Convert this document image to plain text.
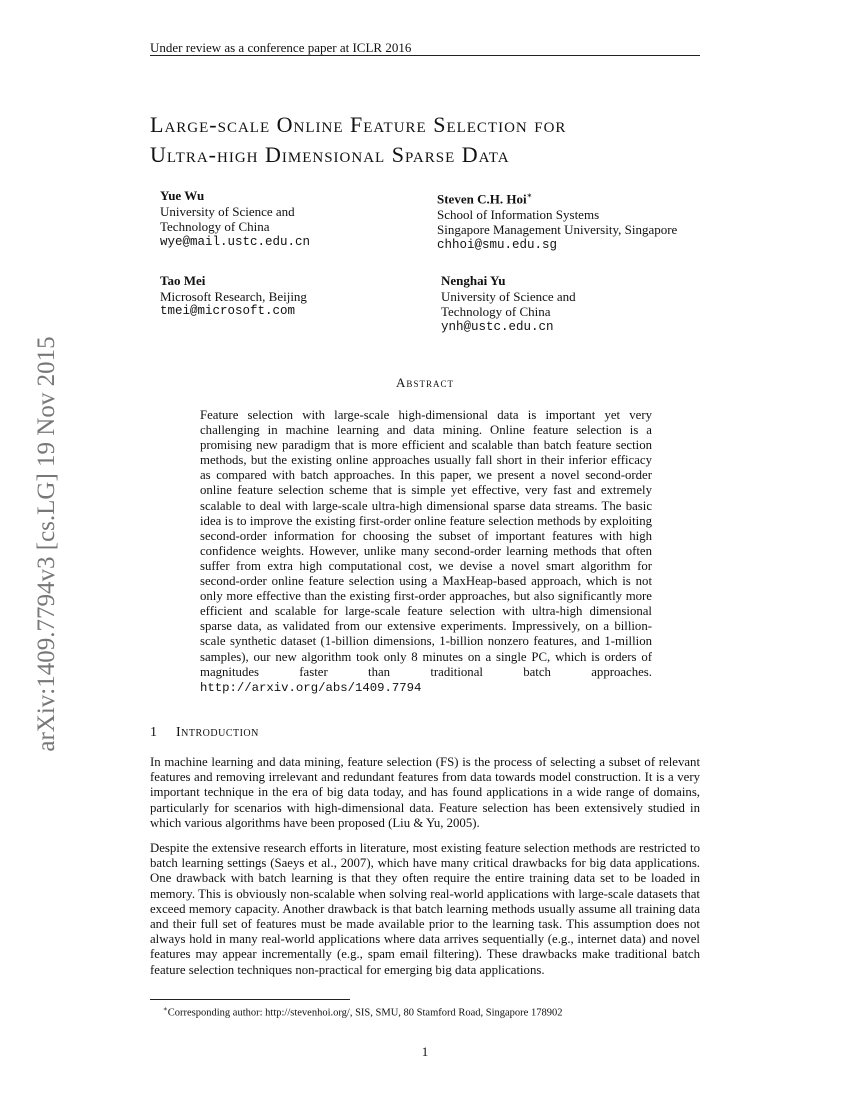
Under review as a conference paper at ICLR 2016
arXiv:1409.7794v3 [cs.LG] 19 Nov 2015
Large-scale Online Feature Selection for
Ultra-high Dimensional Sparse Data
Yue Wu
University of Science and
Technology of China
wye@mail.ustc.edu.cn
Steven C.H. Hoi∗
School of Information Systems
Singapore Management University, Singapore
chhoi@smu.edu.sg
Tao Mei
Microsoft Research, Beijing
tmei@microsoft.com
Nenghai Yu
University of Science and
Technology of China
ynh@ustc.edu.cn
Abstract
Feature selection with large-scale high-dimensional data is important yet very challenging in machine learning and data mining. Online feature selection is a promising new paradigm that is more efficient and scalable than batch feature section methods, but the existing online approaches usually fall short in their inferior efficacy as compared with batch approaches. In this paper, we present a novel second-order online feature selection scheme that is simple yet effective, very fast and extremely scalable to deal with large-scale ultra-high dimensional sparse data streams. The basic idea is to improve the existing first-order online feature selection methods by exploiting second-order information for choosing the subset of important features with high confidence weights. However, unlike many second-order learning methods that often suffer from extra high computational cost, we devise a novel smart algorithm for second-order online feature selection using a MaxHeap-based approach, which is not only more effective than the existing first-order approaches, but also significantly more efficient and scalable for large-scale feature selection with ultra-high dimensional sparse data, as validated from our extensive experiments. Impressively, on a billion-scale synthetic dataset (1-billion dimensions, 1-billion nonzero features, and 1-million samples), our new algorithm took only 8 minutes on a single PC, which is orders of magnitudes faster than traditional batch approaches. http://arxiv.org/abs/1409.7794
1 Introduction
In machine learning and data mining, feature selection (FS) is the process of selecting a subset of relevant features and removing irrelevant and redundant features from data towards model construction. It is a very important technique in the era of big data today, and has found applications in a wide range of domains, particularly for scenarios with high-dimensional data. Feature selection has been extensively studied in which various algorithms have been proposed (Liu & Yu, 2005).
Despite the extensive research efforts in literature, most existing feature selection methods are restricted to batch learning settings (Saeys et al., 2007), which have many critical drawbacks for big data applications. One drawback with batch learning is that they often require the entire training data set to be loaded in memory. This is obviously non-scalable when solving real-world applications with large-scale datasets that exceed memory capacity. Another drawback is that batch learning methods usually assume all training data and their full set of features must be made available prior to the learning task. This assumption does not always hold in many real-world applications where data arrives sequentially (e.g., internet data) and novel features may appear incrementally (e.g., spam email filtering). These drawbacks make traditional batch feature selection techniques non-practical for emerging big data applications.
∗Corresponding author: http://stevenhoi.org/, SIS, SMU, 80 Stamford Road, Singapore 178902
1
